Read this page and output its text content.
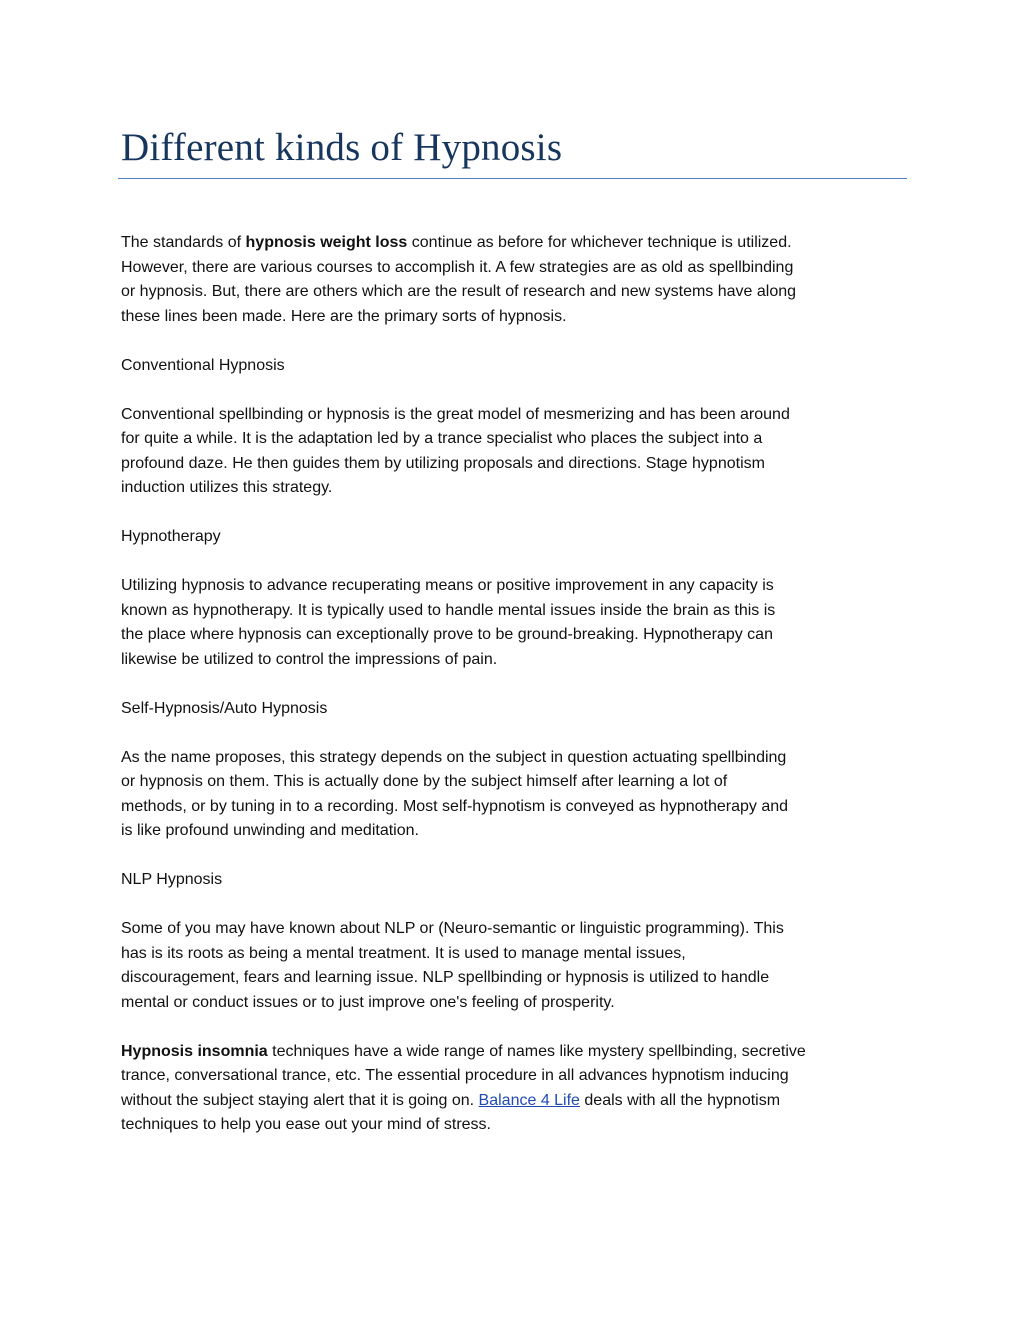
Different kinds of Hypnosis

The standards of hypnosis weight loss continue as before for whichever technique is utilized.
However, there are various courses to accomplish it. A few strategies are as old as spellbinding
or hypnosis. But, there are others which are the result of research and new systems have along
these lines been made. Here are the primary sorts of hypnosis.

Conventional Hypnosis

Conventional spellbinding or hypnosis is the great model of mesmerizing and has been around
for quite a while. It is the adaptation led by a trance specialist who places the subject into a
profound daze. He then guides them by utilizing proposals and directions. Stage hypnotism
induction utilizes this strategy.

Hypnotherapy

Utilizing hypnosis to advance recuperating means or positive improvement in any capacity is
known as hypnotherapy. It is typically used to handle mental issues inside the brain as this is
the place where hypnosis can exceptionally prove to be ground-breaking. Hypnotherapy can
likewise be utilized to control the impressions of pain.

Self-Hypnosis/Auto Hypnosis

As the name proposes, this strategy depends on the subject in question actuating spellbinding
or hypnosis on them. This is actually done by the subject himself after learning a lot of
methods, or by tuning in to a recording. Most self-hypnotism is conveyed as hypnotherapy and
is like profound unwinding and meditation.

NLP Hypnosis

Some of you may have known about NLP or (Neuro-semantic or linguistic programming). This
has is its roots as being a mental treatment. It is used to manage mental issues,
discouragement, fears and learning issue. NLP spellbinding or hypnosis is utilized to handle
mental or conduct issues or to just improve one's feeling of prosperity.

Hypnosis insomnia techniques have a wide range of names like mystery spellbinding, secretive
trance, conversational trance, etc. The essential procedure in all advances hypnotism inducing
without the subject staying alert that it is going on. Balance 4 Life deals with all the hypnotism
techniques to help you ease out your mind of stress.
